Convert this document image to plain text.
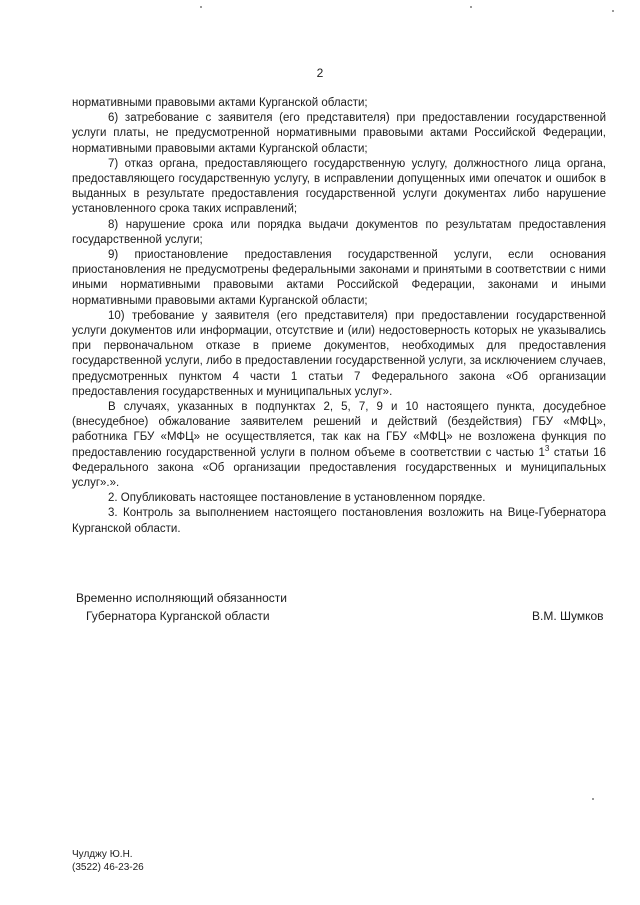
2

нормативными правовыми актами Курганской области;

6) затребование с заявителя (его представителя) при предоставлении государственной услуги платы, не предусмотренной нормативными правовыми актами Российской Федерации, нормативными правовыми актами Курганской области;

7) отказ органа, предоставляющего государственную услугу, должностного лица органа, предоставляющего государственную услугу, в исправлении допущенных ими опечаток и ошибок в выданных в результате предоставления государственной услуги документах либо нарушение установленного срока таких исправлений;

8) нарушение срока или порядка выдачи документов по результатам предоставления государственной услуги;

9) приостановление предоставления государственной услуги, если основания приостановления не предусмотрены федеральными законами и принятыми в соответствии с ними иными нормативными правовыми актами Российской Федерации, законами и иными нормативными правовыми актами Курганской области;

10) требование у заявителя (его представителя) при предоставлении государственной услуги документов или информации, отсутствие и (или) недостоверность которых не указывались при первоначальном отказе в приеме документов, необходимых для предоставления государственной услуги, либо в предоставлении государственной услуги, за исключением случаев, предусмотренных пунктом 4 части 1 статьи 7 Федерального закона «Об организации предоставления государственных и муниципальных услуг».

В случаях, указанных в подпунктах 2, 5, 7, 9 и 10 настоящего пункта, досудебное (внесудебное) обжалование заявителем решений и действий (бездействия) ГБУ «МФЦ», работника ГБУ «МФЦ» не осуществляется, так как на ГБУ «МФЦ» не возложена функция по предоставлению государственной услуги в полном объеме в соответствии с частью $1^3$ статьи 16 Федерального закона «Об организации предоставления государственных и муниципальных услуг».».

2. Опубликовать настоящее постановление в установленном порядке.

3. Контроль за выполнением настоящего постановления возложить на Вице-Губернатора Курганской области.

Временно исполняющий обязанности
Губернатора Курганской области	В.М. Шумков
Чулджу Ю.Н.
(3522) 46-23-26
